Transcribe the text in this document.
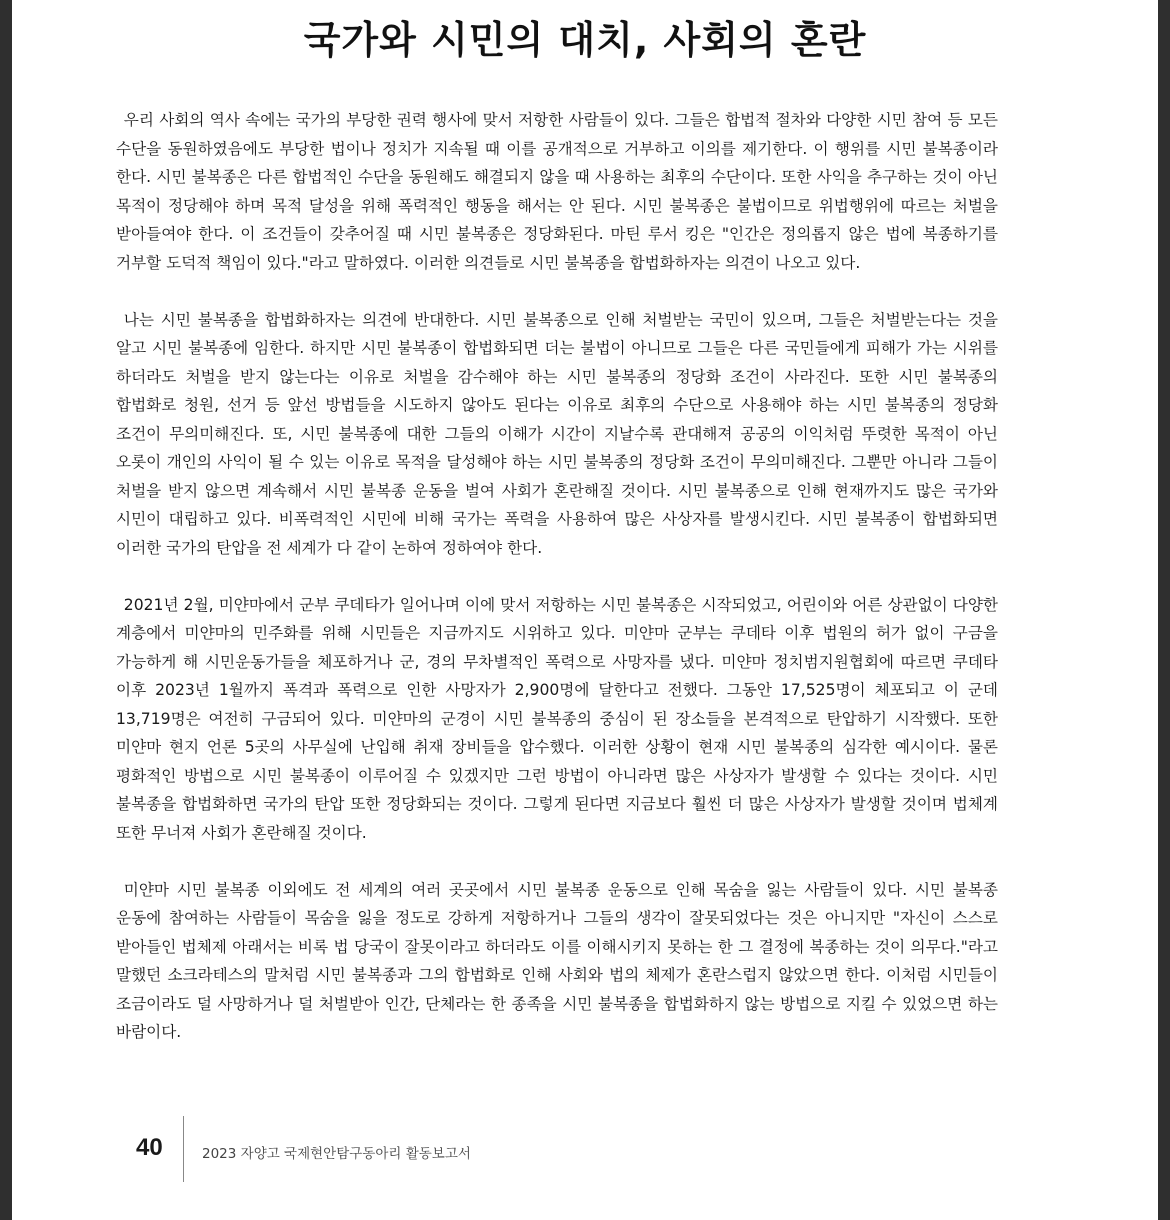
국가와 시민의 대치, 사회의 혼란

우리 사회의 역사 속에는 국가의 부당한 권력 행사에 맞서 저항한 사람들이 있다. 그들은 합법적 절차와 다양한 시민 참여 등 모든 수단을 동원하였음에도 부당한 법이나 정치가 지속될 때 이를 공개적으로 거부하고 이의를 제기한다. 이 행위를 시민 불복종이라 한다. 시민 불복종은 다른 합법적인 수단을 동원해도 해결되지 않을 때 사용하는 최후의 수단이다. 또한 사익을 추구하는 것이 아닌 목적이 정당해야 하며 목적 달성을 위해 폭력적인 행동을 해서는 안 된다. 시민 불복종은 불법이므로 위법행위에 따르는 처벌을 받아들여야 한다. 이 조건들이 갖추어질 때 시민 불복종은 정당화된다. 마틴 루서 킹은 "인간은 정의롭지 않은 법에 복종하기를 거부할 도덕적 책임이 있다."라고 말하였다. 이러한 의견들로 시민 불복종을 합법화하자는 의견이 나오고 있다.

나는 시민 불복종을 합법화하자는 의견에 반대한다. 시민 불복종으로 인해 처벌받는 국민이 있으며, 그들은 처벌받는다는 것을 알고 시민 불복종에 임한다. 하지만 시민 불복종이 합법화되면 더는 불법이 아니므로 그들은 다른 국민들에게 피해가 가는 시위를 하더라도 처벌을 받지 않는다는 이유로 처벌을 감수해야 하는 시민 불복종의 정당화 조건이 사라진다. 또한 시민 불복종의 합법화로 청원, 선거 등 앞선 방법들을 시도하지 않아도 된다는 이유로 최후의 수단으로 사용해야 하는 시민 불복종의 정당화 조건이 무의미해진다. 또, 시민 불복종에 대한 그들의 이해가 시간이 지날수록 관대해져 공공의 이익처럼 뚜렷한 목적이 아닌 오롯이 개인의 사익이 될 수 있는 이유로 목적을 달성해야 하는 시민 불복종의 정당화 조건이 무의미해진다. 그뿐만 아니라 그들이 처벌을 받지 않으면 계속해서 시민 불복종 운동을 벌여 사회가 혼란해질 것이다. 시민 불복종으로 인해 현재까지도 많은 국가와 시민이 대립하고 있다. 비폭력적인 시민에 비해 국가는 폭력을 사용하여 많은 사상자를 발생시킨다. 시민 불복종이 합법화되면 이러한 국가의 탄압을 전 세계가 다 같이 논하여 정하여야 한다.

2021년 2월, 미얀마에서 군부 쿠데타가 일어나며 이에 맞서 저항하는 시민 불복종은 시작되었고, 어린이와 어른 상관없이 다양한 계층에서 미얀마의 민주화를 위해 시민들은 지금까지도 시위하고 있다. 미얀마 군부는 쿠데타 이후 법원의 허가 없이 구금을 가능하게 해 시민운동가들을 체포하거나 군, 경의 무차별적인 폭력으로 사망자를 냈다. 미얀마 정치범지원협회에 따르면 쿠데타 이후 2023년 1월까지 폭격과 폭력으로 인한 사망자가 2,900명에 달한다고 전했다. 그동안 17,525명이 체포되고 이 군데 13,719명은 여전히 구금되어 있다. 미얀마의 군경이 시민 불복종의 중심이 된 장소들을 본격적으로 탄압하기 시작했다. 또한 미얀마 현지 언론 5곳의 사무실에 난입해 취재 장비들을 압수했다. 이러한 상황이 현재 시민 불복종의 심각한 예시이다. 물론 평화적인 방법으로 시민 불복종이 이루어질 수 있겠지만 그런 방법이 아니라면 많은 사상자가 발생할 수 있다는 것이다. 시민 불복종을 합법화하면 국가의 탄압 또한 정당화되는 것이다. 그렇게 된다면 지금보다 훨씬 더 많은 사상자가 발생할 것이며 법체계 또한 무너져 사회가 혼란해질 것이다.

미얀마 시민 불복종 이외에도 전 세계의 여러 곳곳에서 시민 불복종 운동으로 인해 목숨을 잃는 사람들이 있다. 시민 불복종 운동에 참여하는 사람들이 목숨을 잃을 정도로 강하게 저항하거나 그들의 생각이 잘못되었다는 것은 아니지만 "자신이 스스로 받아들인 법체제 아래서는 비록 법 당국이 잘못이라고 하더라도 이를 이해시키지 못하는 한 그 결정에 복종하는 것이 의무다."라고 말했던 소크라테스의 말처럼 시민 불복종과 그의 합법화로 인해 사회와 법의 체제가 혼란스럽지 않았으면 한다. 이처럼 시민들이 조금이라도 덜 사망하거나 덜 처벌받아 인간, 단체라는 한 종족을 시민 불복종을 합법화하지 않는 방법으로 지킬 수 있었으면 하는 바람이다.

40	2023 자양고 국제현안탐구동아리 활동보고서
